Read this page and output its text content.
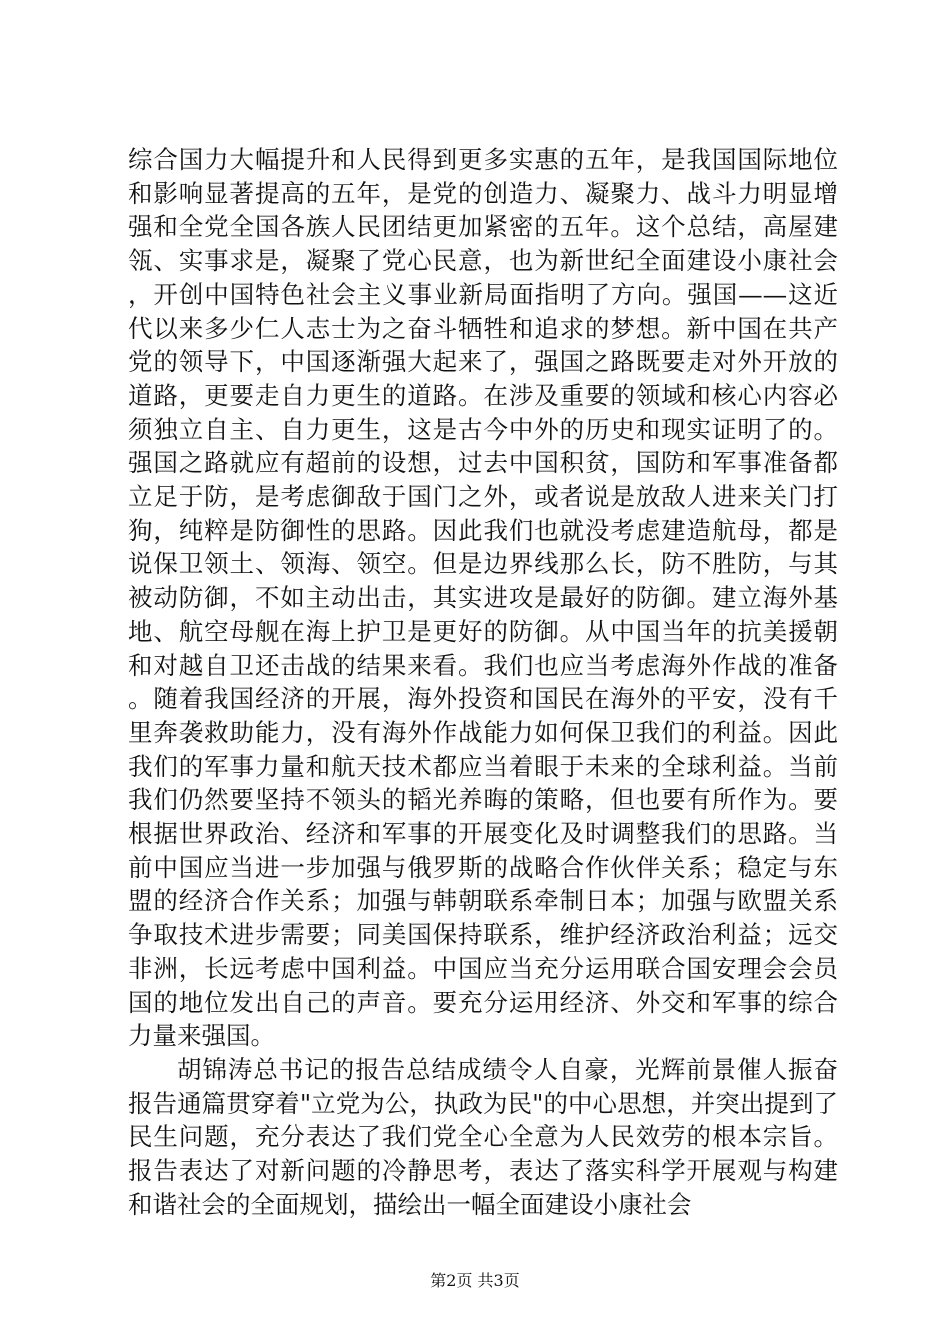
综合国力大幅提升和人民得到更多实惠的五年，是我国国际地位和影响显著提高的五年，是党的创造力、凝聚力、战斗力明显增强和全党全国各族人民团结更加紧密的五年。这个总结，高屋建瓴、实事求是，凝聚了党心民意，也为新世纪全面建设小康社会，开创中国特色社会主义事业新局面指明了方向。强国——这近代以来多少仁人志士为之奋斗牺牲和追求的梦想。新中国在共产党的领导下，中国逐渐强大起来了，强国之路既要走对外开放的道路，更要走自力更生的道路。在涉及重要的领域和核心内容必须独立自主、自力更生，这是古今中外的历史和现实证明了的。强国之路就应有超前的设想，过去中国积贫，国防和军事准备都立足于防，是考虑御敌于国门之外，或者说是放敌人进来关门打狗，纯粹是防御性的思路。因此我们也就没考虑建造航母，都是说保卫领土、领海、领空。但是边界线那么长，防不胜防，与其被动防御，不如主动出击，其实进攻是最好的防御。建立海外基地、航空母舰在海上护卫是更好的防御。从中国当年的抗美援朝和对越自卫还击战的结果来看。我们也应当考虑海外作战的准备。随着我国经济的开展，海外投资和国民在海外的平安，没有千里奔袭救助能力，没有海外作战能力如何保卫我们的利益。因此我们的军事力量和航天技术都应当着眼于未来的全球利益。当前我们仍然要坚持不领头的韬光养晦的策略，但也要有所作为。要根据世界政治、经济和军事的开展变化及时调整我们的思路。当前中国应当进一步加强与俄罗斯的战略合作伙伴关系；稳定与东盟的经济合作关系；加强与韩朝联系牵制日本；加强与欧盟关系争取技术进步需要；同美国保持联系，维护经济政治利益；远交非洲，长远考虑中国利益。中国应当充分运用联合国安理会会员国的地位发出自己的声音。要充分运用经济、外交和军事的综合力量来强国。

胡锦涛总书记的报告总结成绩令人自豪，光辉前景催人振奋报告通篇贯穿着"立党为公，执政为民"的中心思想，并突出提到了民生问题，充分表达了我们党全心全意为人民效劳的根本宗旨。报告表达了对新问题的冷静思考，表达了落实科学开展观与构建和谐社会的全面规划，描绘出一幅全面建设小康社会

第2页 共3页
